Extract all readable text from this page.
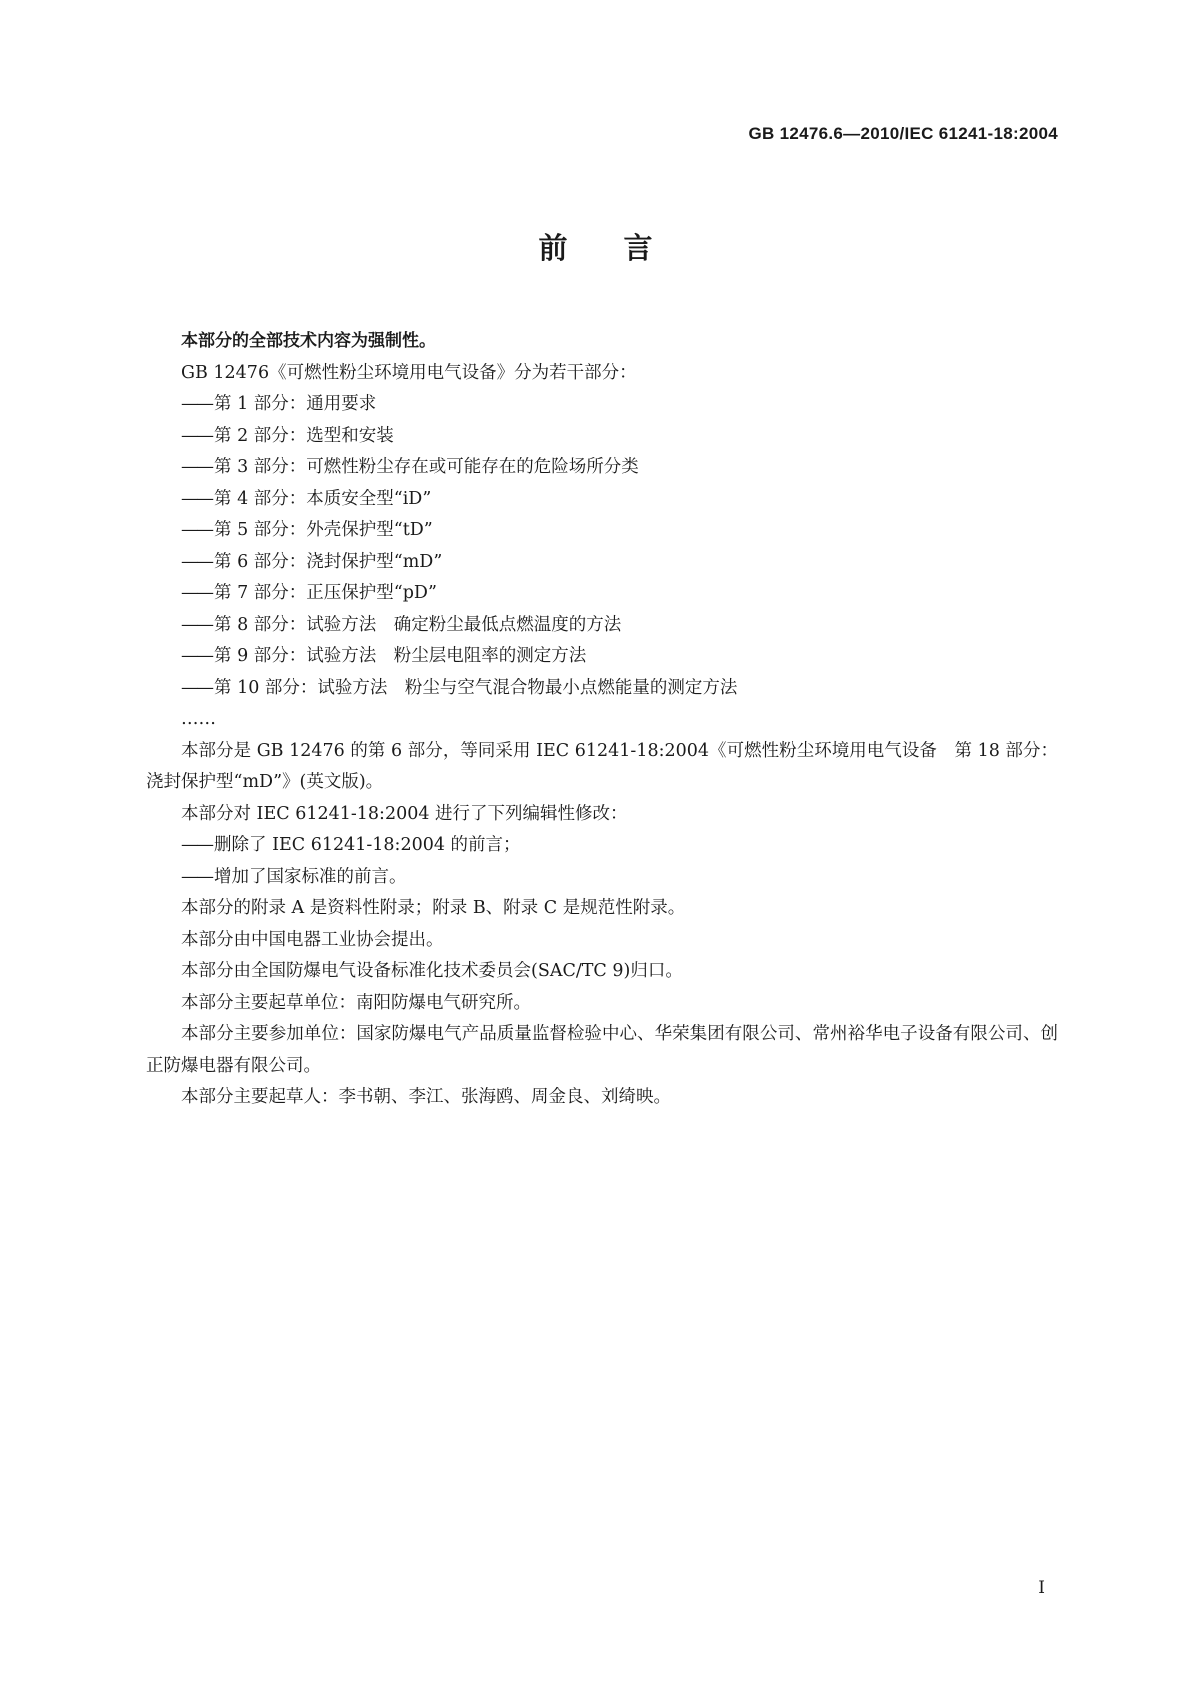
GB 12476.6—2010/IEC 61241-18:2004
前言

本部分的全部技术内容为强制性。

GB 12476《可燃性粉尘环境用电气设备》分为若干部分：

—— 第 1 部分：通用要求

—— 第 2 部分：选型和安装

—— 第 3 部分：可燃性粉尘存在或可能存在的危险场所分类

—— 第 4 部分：本质安全型“iD”

—— 第 5 部分：外壳保护型“tD”

—— 第 6 部分：浇封保护型“mD”

—— 第 7 部分：正压保护型“pD”

—— 第 8 部分：试验方法　确定粉尘最低点燃温度的方法

—— 第 9 部分：试验方法　粉尘层电阻率的测定方法

—— 第 10 部分：试验方法　粉尘与空气混合物最小点燃能量的测定方法

……

本部分是 GB 12476 的第 6 部分，等同采用 IEC 61241-18:2004《可燃性粉尘环境用电气设备　第 18 部分：浇封保护型“mD”》(英文版)。

本部分对 IEC 61241-18:2004 进行了下列编辑性修改：

—— 删除了 IEC 61241-18:2004 的前言；

—— 增加了国家标准的前言。

本部分的附录 A 是资料性附录；附录 B、附录 C 是规范性附录。

本部分由中国电器工业协会提出。

本部分由全国防爆电气设备标准化技术委员会(SAC/TC 9)归口。

本部分主要起草单位：南阳防爆电气研究所。

本部分主要参加单位：国家防爆电气产品质量监督检验中心、华荣集团有限公司、常州裕华电子设备有限公司、创正防爆电器有限公司。

本部分主要起草人：李书朝、李江、张海鸥、周金良、刘绮映。

I
